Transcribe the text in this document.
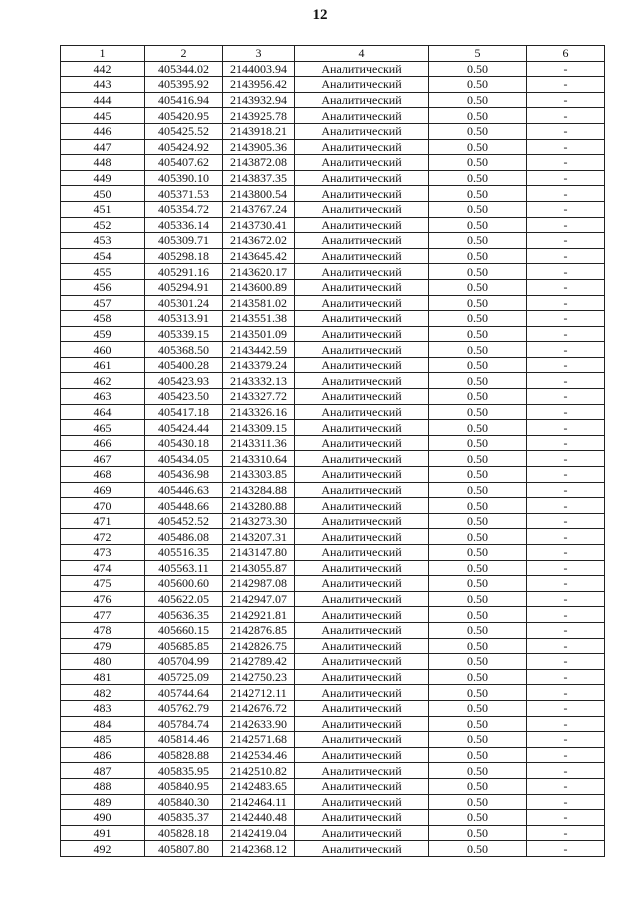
12
1	2	3	4	5	6
442	405344.02	2144003.94	Аналитический	0.50	-
443	405395.92	2143956.42	Аналитический	0.50	-
444	405416.94	2143932.94	Аналитический	0.50	-
445	405420.95	2143925.78	Аналитический	0.50	-
446	405425.52	2143918.21	Аналитический	0.50	-
447	405424.92	2143905.36	Аналитический	0.50	-
448	405407.62	2143872.08	Аналитический	0.50	-
449	405390.10	2143837.35	Аналитический	0.50	-
450	405371.53	2143800.54	Аналитический	0.50	-
451	405354.72	2143767.24	Аналитический	0.50	-
452	405336.14	2143730.41	Аналитический	0.50	-
453	405309.71	2143672.02	Аналитический	0.50	-
454	405298.18	2143645.42	Аналитический	0.50	-
455	405291.16	2143620.17	Аналитический	0.50	-
456	405294.91	2143600.89	Аналитический	0.50	-
457	405301.24	2143581.02	Аналитический	0.50	-
458	405313.91	2143551.38	Аналитический	0.50	-
459	405339.15	2143501.09	Аналитический	0.50	-
460	405368.50	2143442.59	Аналитический	0.50	-
461	405400.28	2143379.24	Аналитический	0.50	-
462	405423.93	2143332.13	Аналитический	0.50	-
463	405423.50	2143327.72	Аналитический	0.50	-
464	405417.18	2143326.16	Аналитический	0.50	-
465	405424.44	2143309.15	Аналитический	0.50	-
466	405430.18	2143311.36	Аналитический	0.50	-
467	405434.05	2143310.64	Аналитический	0.50	-
468	405436.98	2143303.85	Аналитический	0.50	-
469	405446.63	2143284.88	Аналитический	0.50	-
470	405448.66	2143280.88	Аналитический	0.50	-
471	405452.52	2143273.30	Аналитический	0.50	-
472	405486.08	2143207.31	Аналитический	0.50	-
473	405516.35	2143147.80	Аналитический	0.50	-
474	405563.11	2143055.87	Аналитический	0.50	-
475	405600.60	2142987.08	Аналитический	0.50	-
476	405622.05	2142947.07	Аналитический	0.50	-
477	405636.35	2142921.81	Аналитический	0.50	-
478	405660.15	2142876.85	Аналитический	0.50	-
479	405685.85	2142826.75	Аналитический	0.50	-
480	405704.99	2142789.42	Аналитический	0.50	-
481	405725.09	2142750.23	Аналитический	0.50	-
482	405744.64	2142712.11	Аналитический	0.50	-
483	405762.79	2142676.72	Аналитический	0.50	-
484	405784.74	2142633.90	Аналитический	0.50	-
485	405814.46	2142571.68	Аналитический	0.50	-
486	405828.88	2142534.46	Аналитический	0.50	-
487	405835.95	2142510.82	Аналитический	0.50	-
488	405840.95	2142483.65	Аналитический	0.50	-
489	405840.30	2142464.11	Аналитический	0.50	-
490	405835.37	2142440.48	Аналитический	0.50	-
491	405828.18	2142419.04	Аналитический	0.50	-
492	405807.80	2142368.12	Аналитический	0.50	-
